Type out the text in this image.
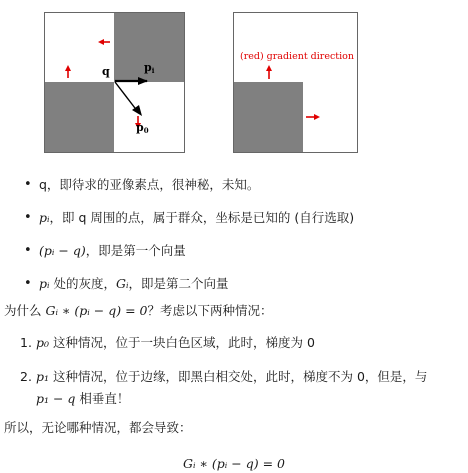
q	pi
p0
(red) gradient direction
• q，即待求的亚像素点，很神秘，未知。
• pᵢ，即 q 周围的点，属于群众，坐标是已知的 (自行选取)
• (pᵢ − q)，即是第一个向量
• pᵢ 处的灰度，Gᵢ，即是第二个向量
为什么 Gᵢ ∗ (pᵢ − q) = 0？考虑以下两种情况：
1. p₀ 这种情况，位于一块白色区域，此时，梯度为 0
2. p₁ 这种情况，位于边缘，即黑白相交处，此时，梯度不为 0，但是，与
p₁ − q 相垂直！
所以，无论哪种情况，都会导致：
Gᵢ ∗ (pᵢ − q) = 0
